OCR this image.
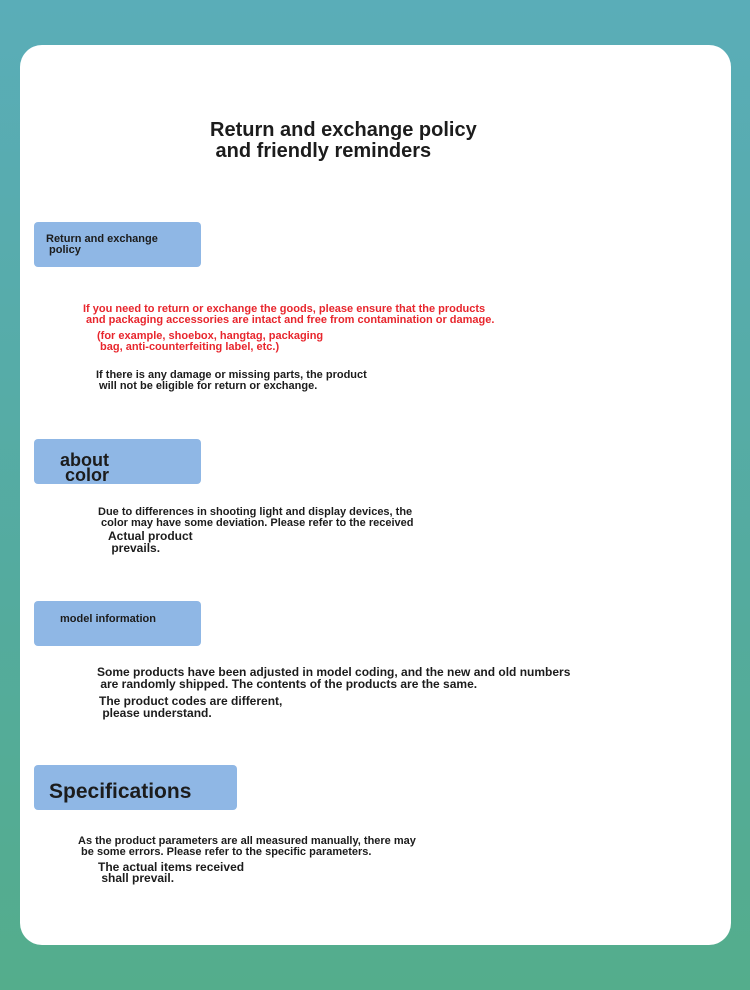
Return and exchange policy
and friendly reminders

Return and exchange
policy

If you need to return or exchange the goods, please ensure that the products
and packaging accessories are intact and free from contamination or damage.
(for example, shoebox, hangtag, packaging
bag, anti-counterfeiting label, etc.)
If there is any damage or missing parts, the product
will not be eligible for return or exchange.

about
color

Due to differences in shooting light and display devices, the
color may have some deviation. Please refer to the received
Actual product
prevails.

model information

Some products have been adjusted in model coding, and the new and old numbers
are randomly shipped. The contents of the products are the same.
The product codes are different,
please understand.

Specifications

As the product parameters are all measured manually, there may
be some errors. Please refer to the specific parameters.
The actual items received
shall prevail.
